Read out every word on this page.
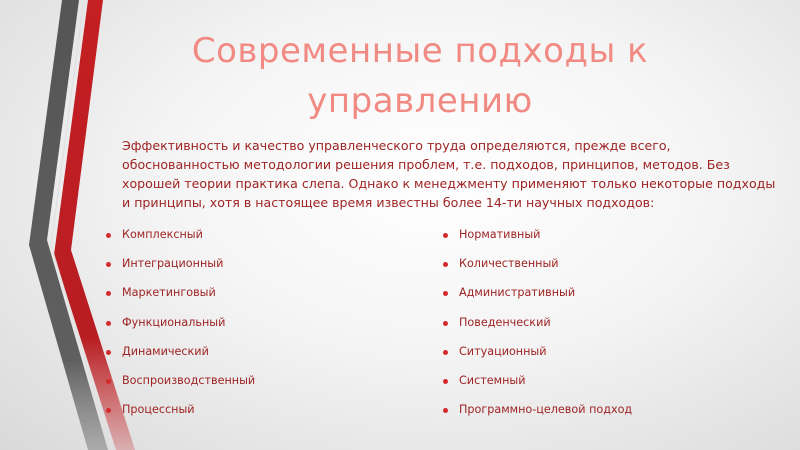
Современные подходы к управлению
Эффективность и качество управленческого труда определяются, прежде всего, обоснованностью методологии решения проблем, т.е. подходов, принципов, методов. Без хорошей теории практика слепа. Однако к менеджменту применяют только некоторые подходы и принципы, хотя в настоящее время известны более 14-ти научных подходов:
Комплексный
Интеграционный
Маркетинговый
Функциональный
Динамический
Воспроизводственный
Процессный
Нормативный
Количественный
Административный
Поведенческий
Ситуационный
Системный
Программно-целевой подход
